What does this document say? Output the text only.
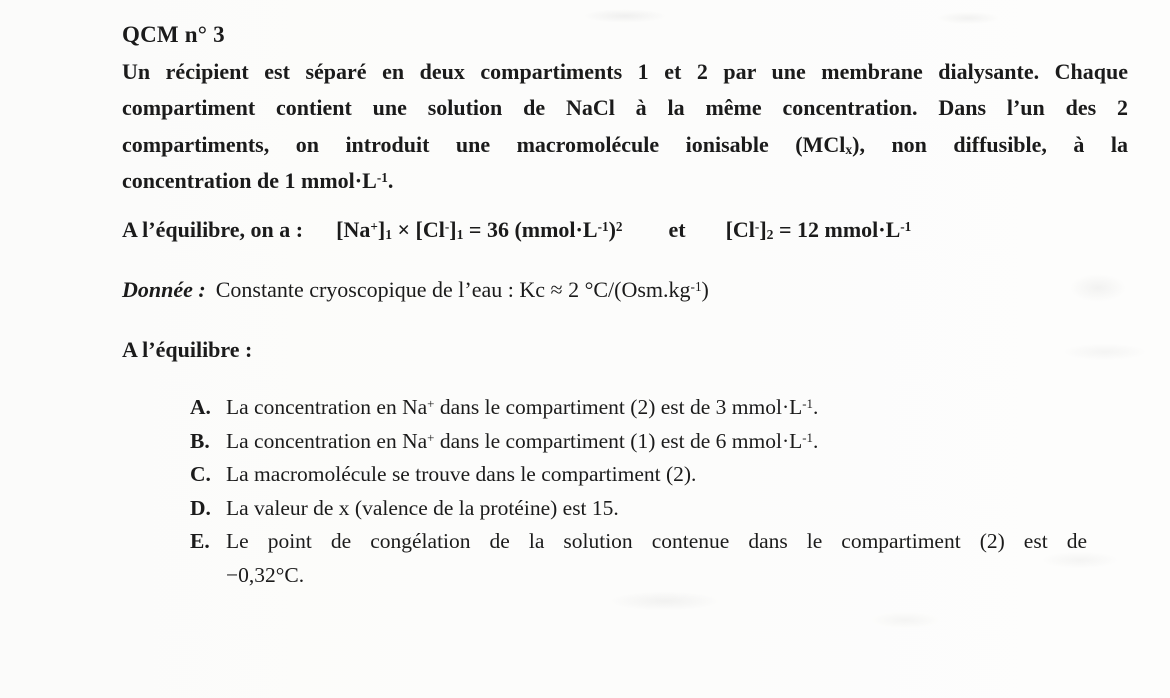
QCM n° 3
Un récipient est séparé en deux compartiments 1 et 2 par une membrane dialysante. Chaque
compartiment contient une solution de NaCl à la même concentration. Dans l’un des 2
compartiments, on introduit une macromolécule ionisable (MCl$_x$), non diffusible, à la
concentration de 1 $mmol\cdot L^{-1}$.
A l’équilibre, on a : $[Na^+]_1 \times [Cl^-]_1 = 36$ $(mmol\cdot L^{-1})^2$ et $[Cl^-]_2 = 12$ $mmol\cdot L^{-1}$
Donnée : Constante cryoscopique de l’eau : Kc ≈ 2 $^\circ C/(Osm.kg^{-1})$
A l’équilibre :
A. La concentration en Na+ dans le compartiment (2) est de 3 $mmol\cdot L^{-1}$.
B. La concentration en Na+ dans le compartiment (1) est de 6 $mmol\cdot L^{-1}$.
C. La macromolécule se trouve dans le compartiment (2).
D. La valeur de x (valence de la protéine) est 15.
E. Le point de congélation de la solution contenue dans le compartiment (2) est de
−0,32°C.
